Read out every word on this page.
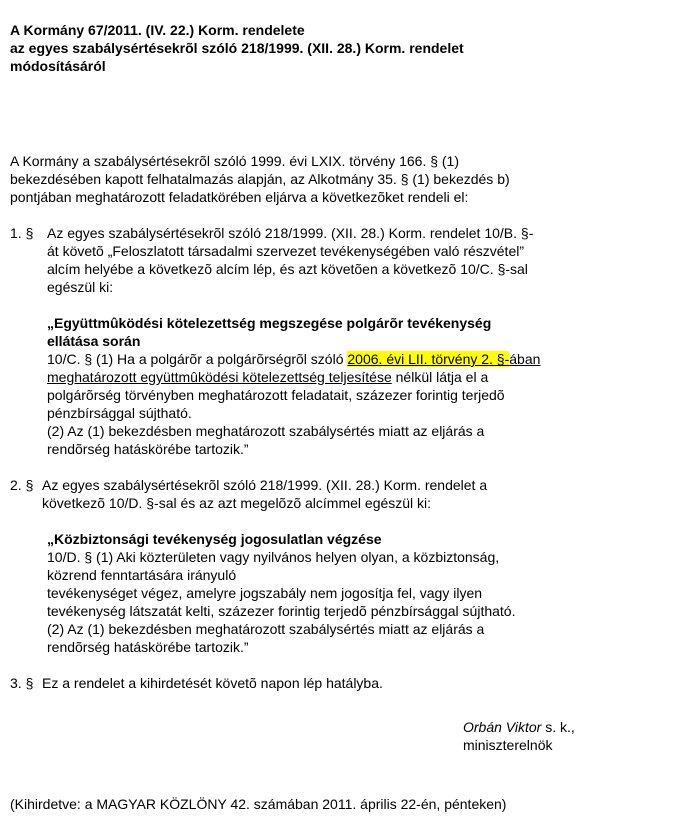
A Kormány 67/2011. (IV. 22.) Korm. rendelete
az egyes szabálysértésekrõl szóló 218/1999. (XII. 28.) Korm. rendelet
módosításáról
A Kormány a szabálysértésekrõl szóló 1999. évi LXIX. törvény 166. § (1)
bekezdésében kapott felhatalmazás alapján, az Alkotmány 35. § (1) bekezdés b)
pontjában meghatározott feladatkörében eljárva a következõket rendeli el:
1. § Az egyes szabálysértésekrõl szóló 218/1999. (XII. 28.) Korm. rendelet 10/B. §-
át követõ „Feloszlatott társadalmi szervezet tevékenységében való részvétel”
alcím helyébe a következõ alcím lép, és azt követõen a következõ 10/C. §-sal
egészül ki:
„Együttmûködési kötelezettség megszegése polgárõr tevékenység
ellátása során
10/C. § (1) Ha a polgárõr a polgárõrségrõl szóló 2006. évi LII. törvény 2. §-ában
meghatározott együttmûködési kötelezettség teljesítése nélkül látja el a
polgárõrség törvényben meghatározott feladatait, százezer forintig terjedõ
pénzbírsággal sújtható.
(2) Az (1) bekezdésben meghatározott szabálysértés miatt az eljárás a
rendõrség hatáskörébe tartozik.”
2. § Az egyes szabálysértésekrõl szóló 218/1999. (XII. 28.) Korm. rendelet a
következõ 10/D. §-sal és az azt megelõzõ alcímmel egészül ki:
„Közbiztonsági tevékenység jogosulatlan végzése
10/D. § (1) Aki közterületen vagy nyilvános helyen olyan, a közbiztonság,
közrend fenntartására irányuló
tevékenységet végez, amelyre jogszabály nem jogosítja fel, vagy ilyen
tevékenység látszatát kelti, százezer forintig terjedõ pénzbírsággal sújtható.
(2) Az (1) bekezdésben meghatározott szabálysértés miatt az eljárás a
rendõrség hatáskörébe tartozik.”
3. § Ez a rendelet a kihirdetését követõ napon lép hatályba.
Orbán Viktor s. k.,
miniszterelnök
(Kihirdetve: a MAGYAR KÖZLÖNY 42. számában 2011. április 22-én, pénteken)
